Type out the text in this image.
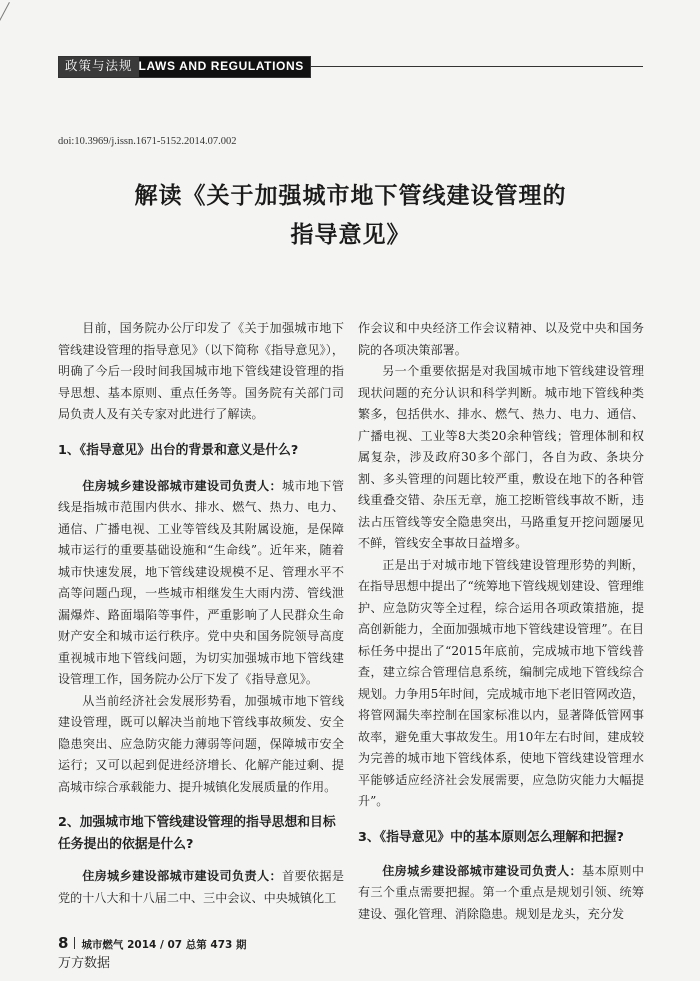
政策与法规 LAWS AND REGULATIONS
doi:10.3969/j.issn.1671-5152.2014.07.002
解读《关于加强城市地下管线建设管理的
指导意见》

目前，国务院办公厅印发了《关于加强城市地下管线建设管理的指导意见》（以下简称《指导意见》），明确了今后一段时间我国城市地下管线建设管理的指导思想、基本原则、重点任务等。国务院有关部门司局负责人及有关专家对此进行了解读。

1、《指导意见》出台的背景和意义是什么?

住房城乡建设部城市建设司负责人：城市地下管线是指城市范围内供水、排水、燃气、热力、电力、通信、广播电视、工业等管线及其附属设施，是保障城市运行的重要基础设施和“生命线”。近年来，随着城市快速发展，地下管线建设规模不足、管理水平不高等问题凸现，一些城市相继发生大雨内涝、管线泄漏爆炸、路面塌陷等事件，严重影响了人民群众生命财产安全和城市运行秩序。党中央和国务院领导高度重视城市地下管线问题，为切实加强城市地下管线建设管理工作，国务院办公厅下发了《指导意见》。

从当前经济社会发展形势看，加强城市地下管线建设管理，既可以解决当前地下管线事故频发、安全隐患突出、应急防灾能力薄弱等问题，保障城市安全运行；又可以起到促进经济增长、化解产能过剩、提高城市综合承载能力、提升城镇化发展质量的作用。

2、加强城市地下管线建设管理的指导思想和目标任务提出的依据是什么?

住房城乡建设部城市建设司负责人：首要依据是党的十八大和十八届二中、三中会议、中央城镇化工

作会议和中央经济工作会议精神、以及党中央和国务院的各项决策部署。

另一个重要依据是对我国城市地下管线建设管理现状问题的充分认识和科学判断。城市地下管线种类繁多，包括供水、排水、燃气、热力、电力、通信、广播电视、工业等8大类20余种管线；管理体制和权属复杂，涉及政府30多个部门，各自为政、条块分割、多头管理的问题比较严重，敷设在地下的各种管线重叠交错、杂压无章，施工挖断管线事故不断，违法占压管线等安全隐患突出，马路重复开挖问题屡见不鲜，管线安全事故日益增多。

正是出于对城市地下管线建设管理形势的判断，在指导思想中提出了“统筹地下管线规划建设、管理维护、应急防灾等全过程，综合运用各项政策措施，提高创新能力，全面加强城市地下管线建设管理”。在目标任务中提出了“2015年底前，完成城市地下管线普查，建立综合管理信息系统，编制完成地下管线综合规划。力争用5年时间，完成城市地下老旧管网改造，将管网漏失率控制在国家标准以内，显著降低管网事故率，避免重大事故发生。用10年左右时间，建成较为完善的城市地下管线体系，使地下管线建设管理水平能够适应经济社会发展需要，应急防灾能力大幅提升”。

3、《指导意见》中的基本原则怎么理解和把握?

住房城乡建设部城市建设司负责人：基本原则中有三个重点需要把握。第一个重点是规划引领、统筹建设、强化管理、消除隐患。规划是龙头，充分发

8 城市燃气 2014 / 07 总第 473 期
万方数据
